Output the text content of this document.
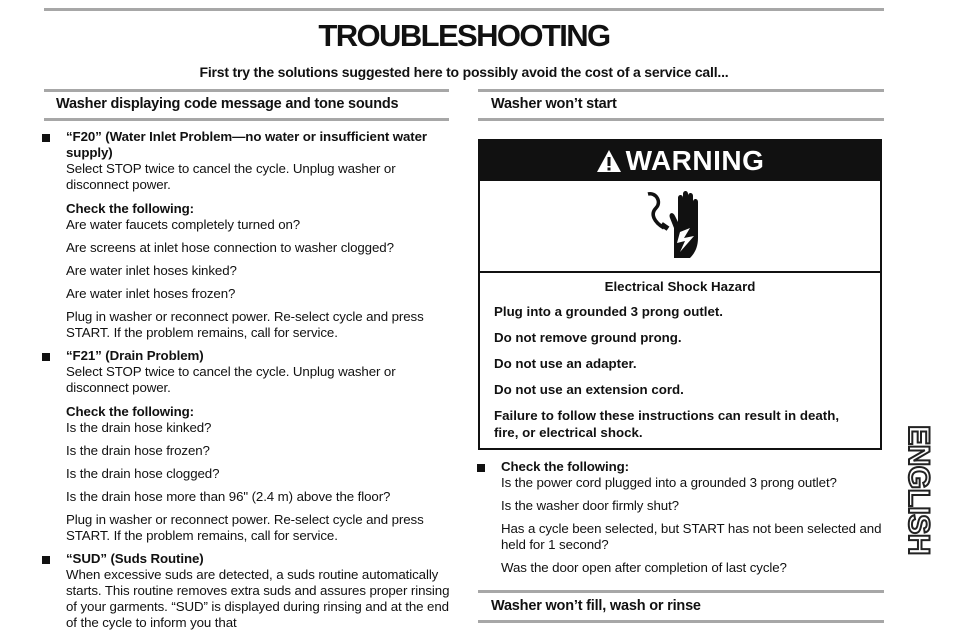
TROUBLESHOOTING
First try the solutions suggested here to possibly avoid the cost of a service call...
Washer displaying code message and tone sounds
“F20” (Water Inlet Problem—no water or insufficient water supply)
Select STOP twice to cancel the cycle. Unplug washer or disconnect power.
Check the following:
Are water faucets completely turned on?
Are screens at inlet hose connection to washer clogged?
Are water inlet hoses kinked?
Are water inlet hoses frozen?
Plug in washer or reconnect power. Re-select cycle and press START. If the problem remains, call for service.
“F21” (Drain Problem)
Select STOP twice to cancel the cycle. Unplug washer or disconnect power.
Check the following:
Is the drain hose kinked?
Is the drain hose frozen?
Is the drain hose clogged?
Is the drain hose more than 96" (2.4 m) above the floor?
Plug in washer or reconnect power. Re-select cycle and press START. If the problem remains, call for service.
“SUD” (Suds Routine)
When excessive suds are detected, a suds routine automatically starts. This routine removes extra suds and assures proper rinsing of your garments. “SUD” is displayed during rinsing and at the end of the cycle to inform you that
Washer won’t start
WARNING
Electrical Shock Hazard
Plug into a grounded 3 prong outlet.
Do not remove ground prong.
Do not use an adapter.
Do not use an extension cord.
Failure to follow these instructions can result in death, fire, or electrical shock.
Check the following:
Is the power cord plugged into a grounded 3 prong outlet?
Is the washer door firmly shut?
Has a cycle been selected, but START has not been selected and held for 1 second?
Was the door open after completion of last cycle?
Washer won’t fill, wash or rinse
ENGLISH
